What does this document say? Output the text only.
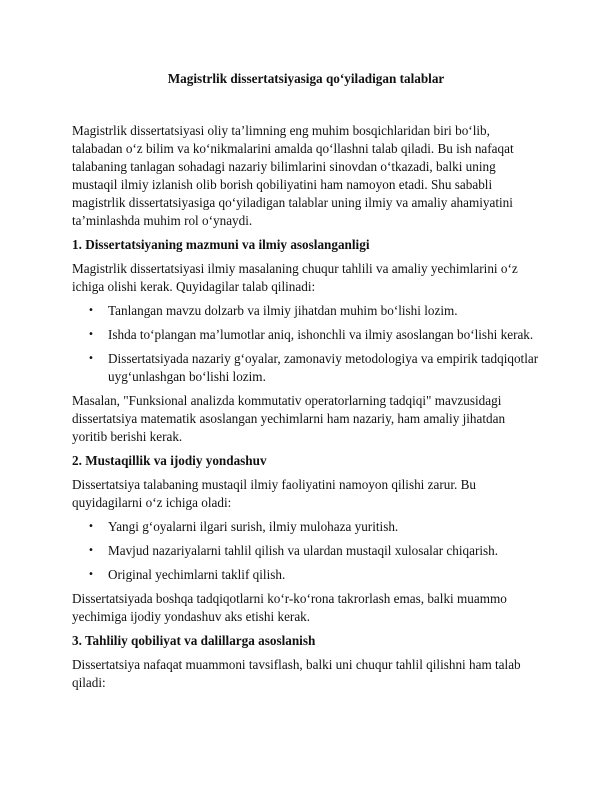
Magistrlik dissertatsiyasiga qo‘yiladigan talablar

Magistrlik dissertatsiyasi oliy ta’limning eng muhim bosqichlaridan biri bo‘lib, talabadan o‘z bilim va ko‘nikmalarini amalda qo‘llashni talab qiladi. Bu ish nafaqat talabaning tanlagan sohadagi nazariy bilimlarini sinovdan o‘tkazadi, balki uning mustaqil ilmiy izlanish olib borish qobiliyatini ham namoyon etadi. Shu sababli magistrlik dissertatsiyasiga qo‘yiladigan talablar uning ilmiy va amaliy ahamiyatini ta’minlashda muhim rol o‘ynaydi.

1. Dissertatsiyaning mazmuni va ilmiy asoslanganligi

Magistrlik dissertatsiyasi ilmiy masalaning chuqur tahlili va amaliy yechimlarini o‘z ichiga olishi kerak. Quyidagilar talab qilinadi:

• Tanlangan mavzu dolzarb va ilmiy jihatdan muhim bo‘lishi lozim.
• Ishda to‘plangan ma’lumotlar aniq, ishonchli va ilmiy asoslangan bo‘lishi kerak.
• Dissertatsiyada nazariy g‘oyalar, zamonaviy metodologiya va empirik tadqiqotlar uyg‘unlashgan bo‘lishi lozim.

Masalan, "Funksional analizda kommutativ operatorlarning tadqiqi" mavzusidagi dissertatsiya matematik asoslangan yechimlarni ham nazariy, ham amaliy jihatdan yoritib berishi kerak.

2. Mustaqillik va ijodiy yondashuv

Dissertatsiya talabaning mustaqil ilmiy faoliyatini namoyon qilishi zarur. Bu quyidagilarni o‘z ichiga oladi:

• Yangi g‘oyalarni ilgari surish, ilmiy mulohaza yuritish.
• Mavjud nazariyalarni tahlil qilish va ulardan mustaqil xulosalar chiqarish.
• Original yechimlarni taklif qilish.

Dissertatsiyada boshqa tadqiqotlarni ko‘r-ko‘rona takrorlash emas, balki muammo yechimiga ijodiy yondashuv aks etishi kerak.

3. Tahliliy qobiliyat va dalillarga asoslanish

Dissertatsiya nafaqat muammoni tavsiflash, balki uni chuqur tahlil qilishni ham talab qiladi:
